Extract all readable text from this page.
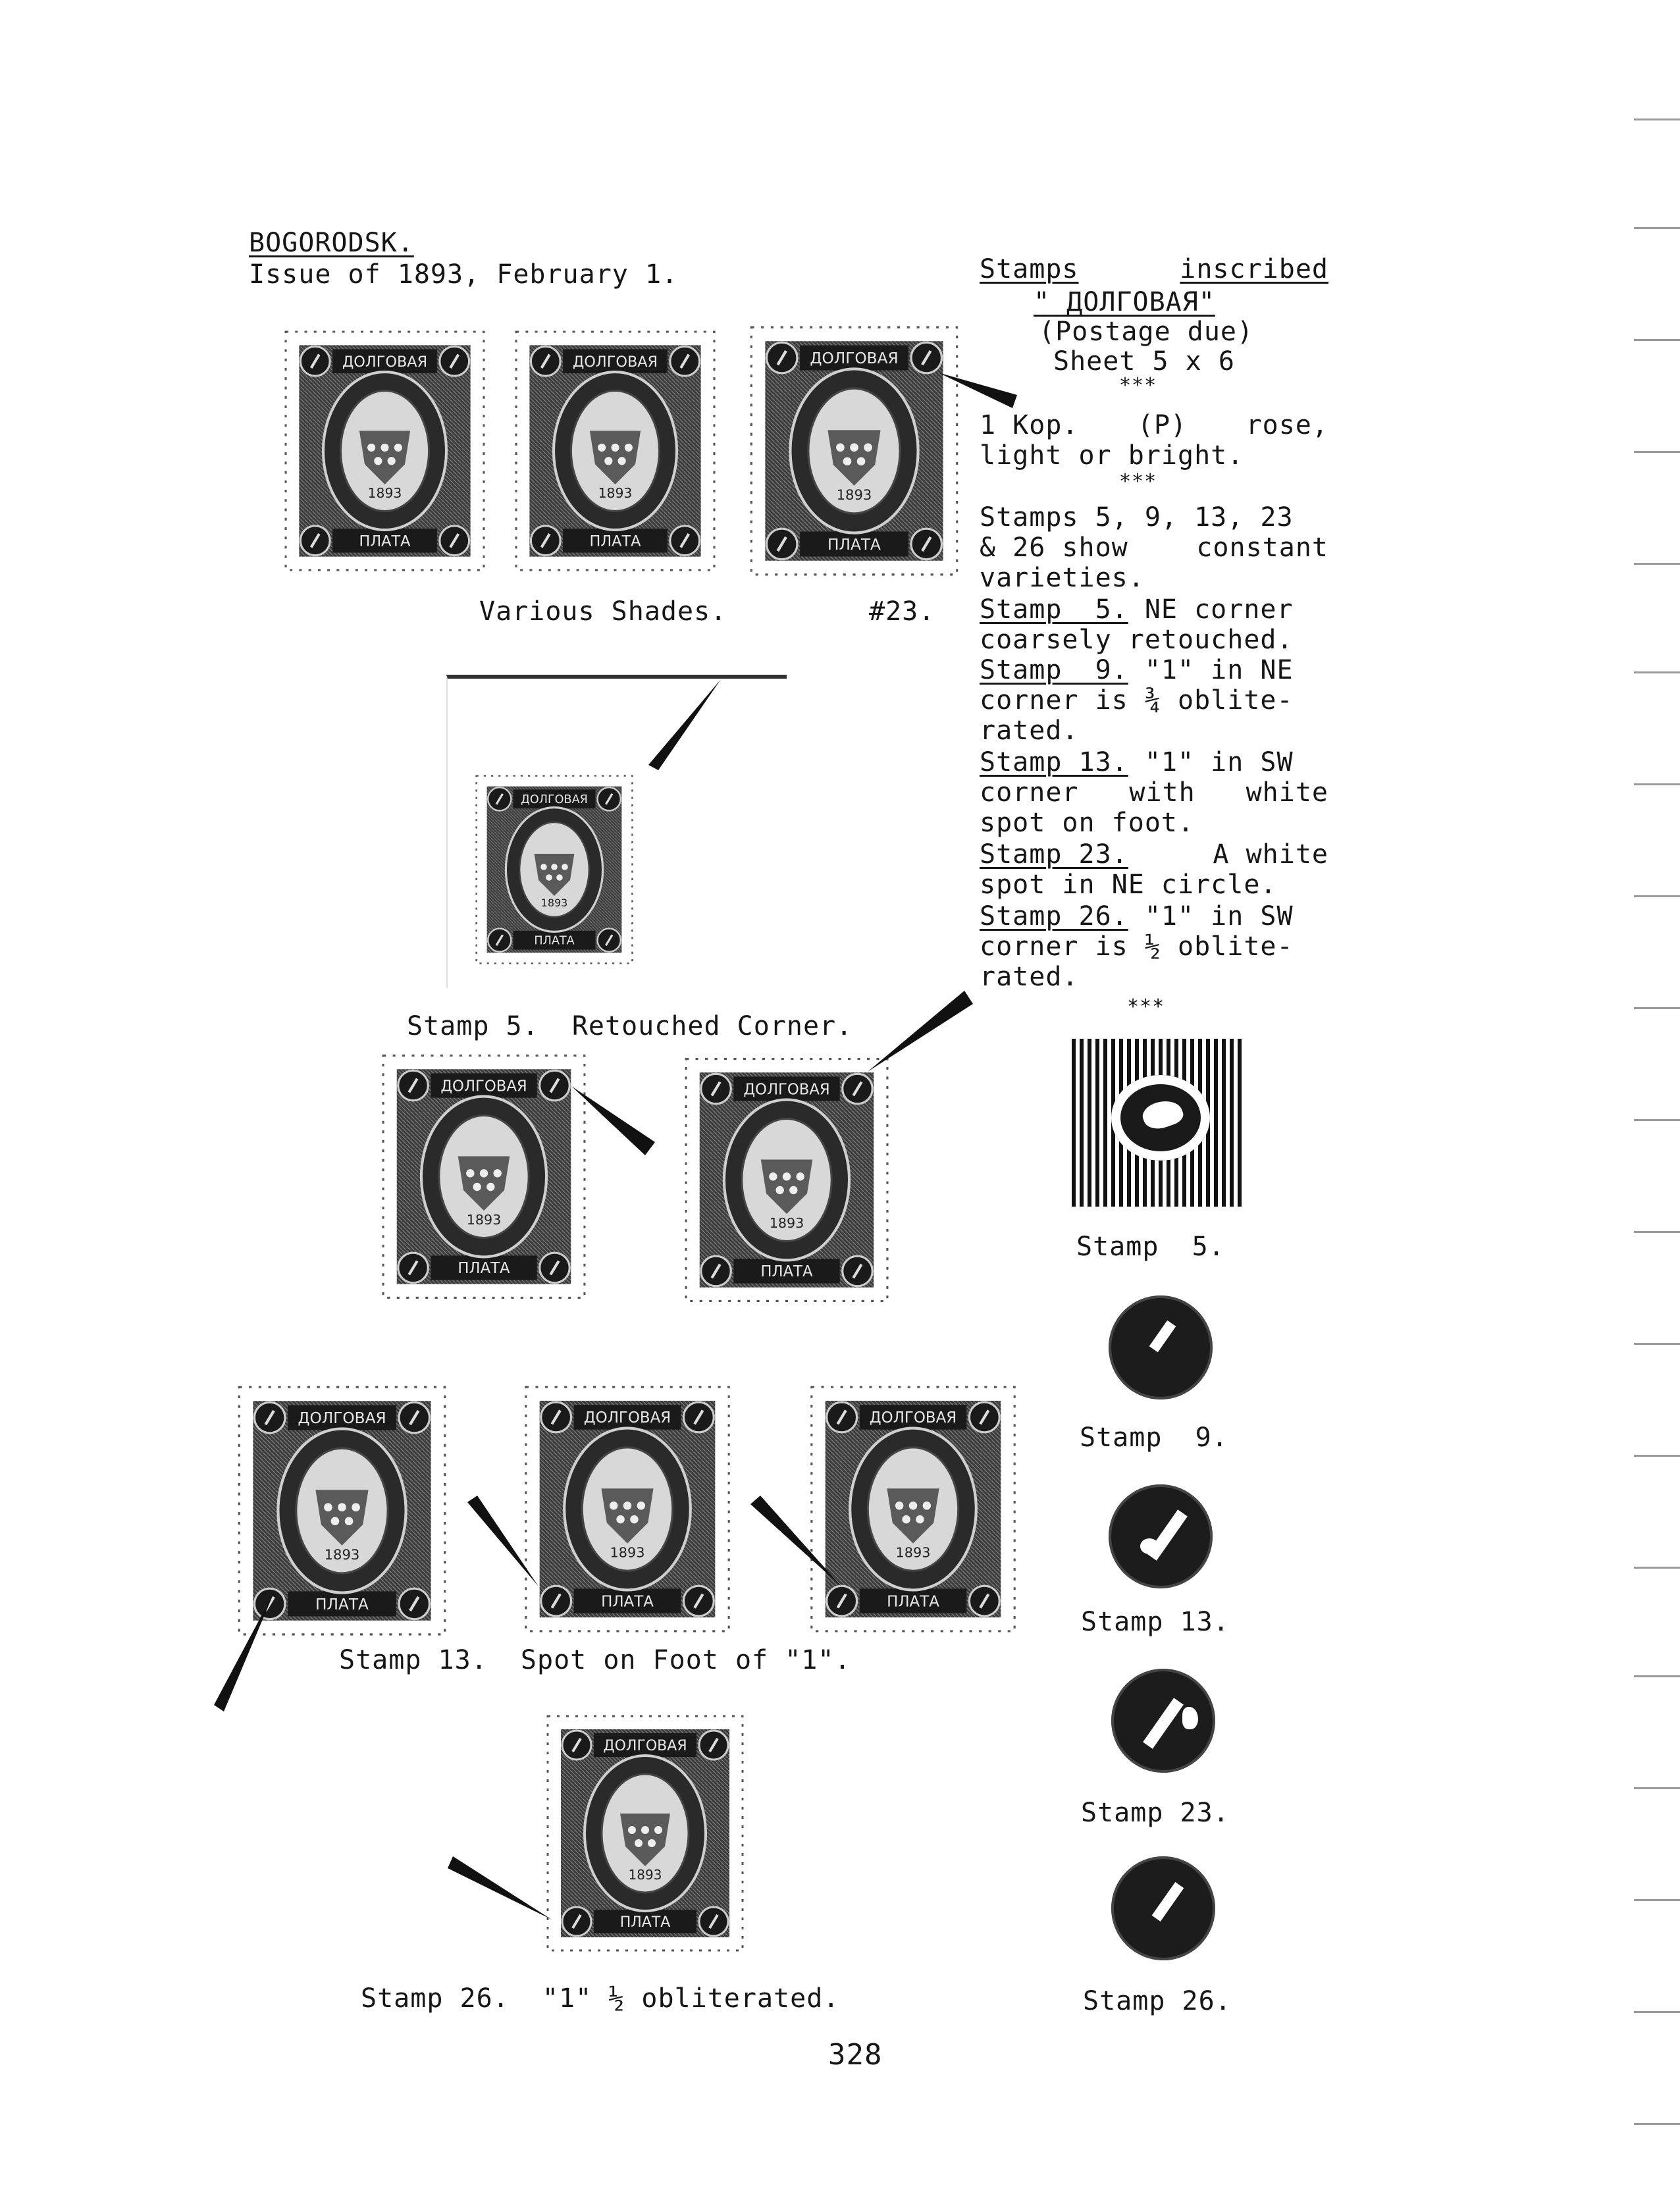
BOGORODSK.
Issue of 1893, February 1.	Stamps	inscribed
" ДОЛГОВАЯ"
(Postage due)
Sheet 5 x 6
***
1 Kop. (P) rose,
light or bright.
***
Stamps 5, 9, 13, 23
& 26 show	constant
varieties.
Stamp  5. NE corner
coarsely retouched.
Stamp  9. "1" in NE
corner is ¾ oblite-
rated.
Stamp 13. "1" in SW
corner with white
spot on foot.
Stamp 23.	A white
spot in NE circle.
Stamp 26. "1" in SW
corner is ½ oblite-
rated.
***
Various Shades.	#23.
Stamp 5.  Retouched Corner.
Stamp 13.  Spot on Foot of "1".
Stamp 26.  "1" ½ obliterated.
Stamp  5.
Stamp  9.
Stamp 13.
Stamp 23.
Stamp 26.
328
